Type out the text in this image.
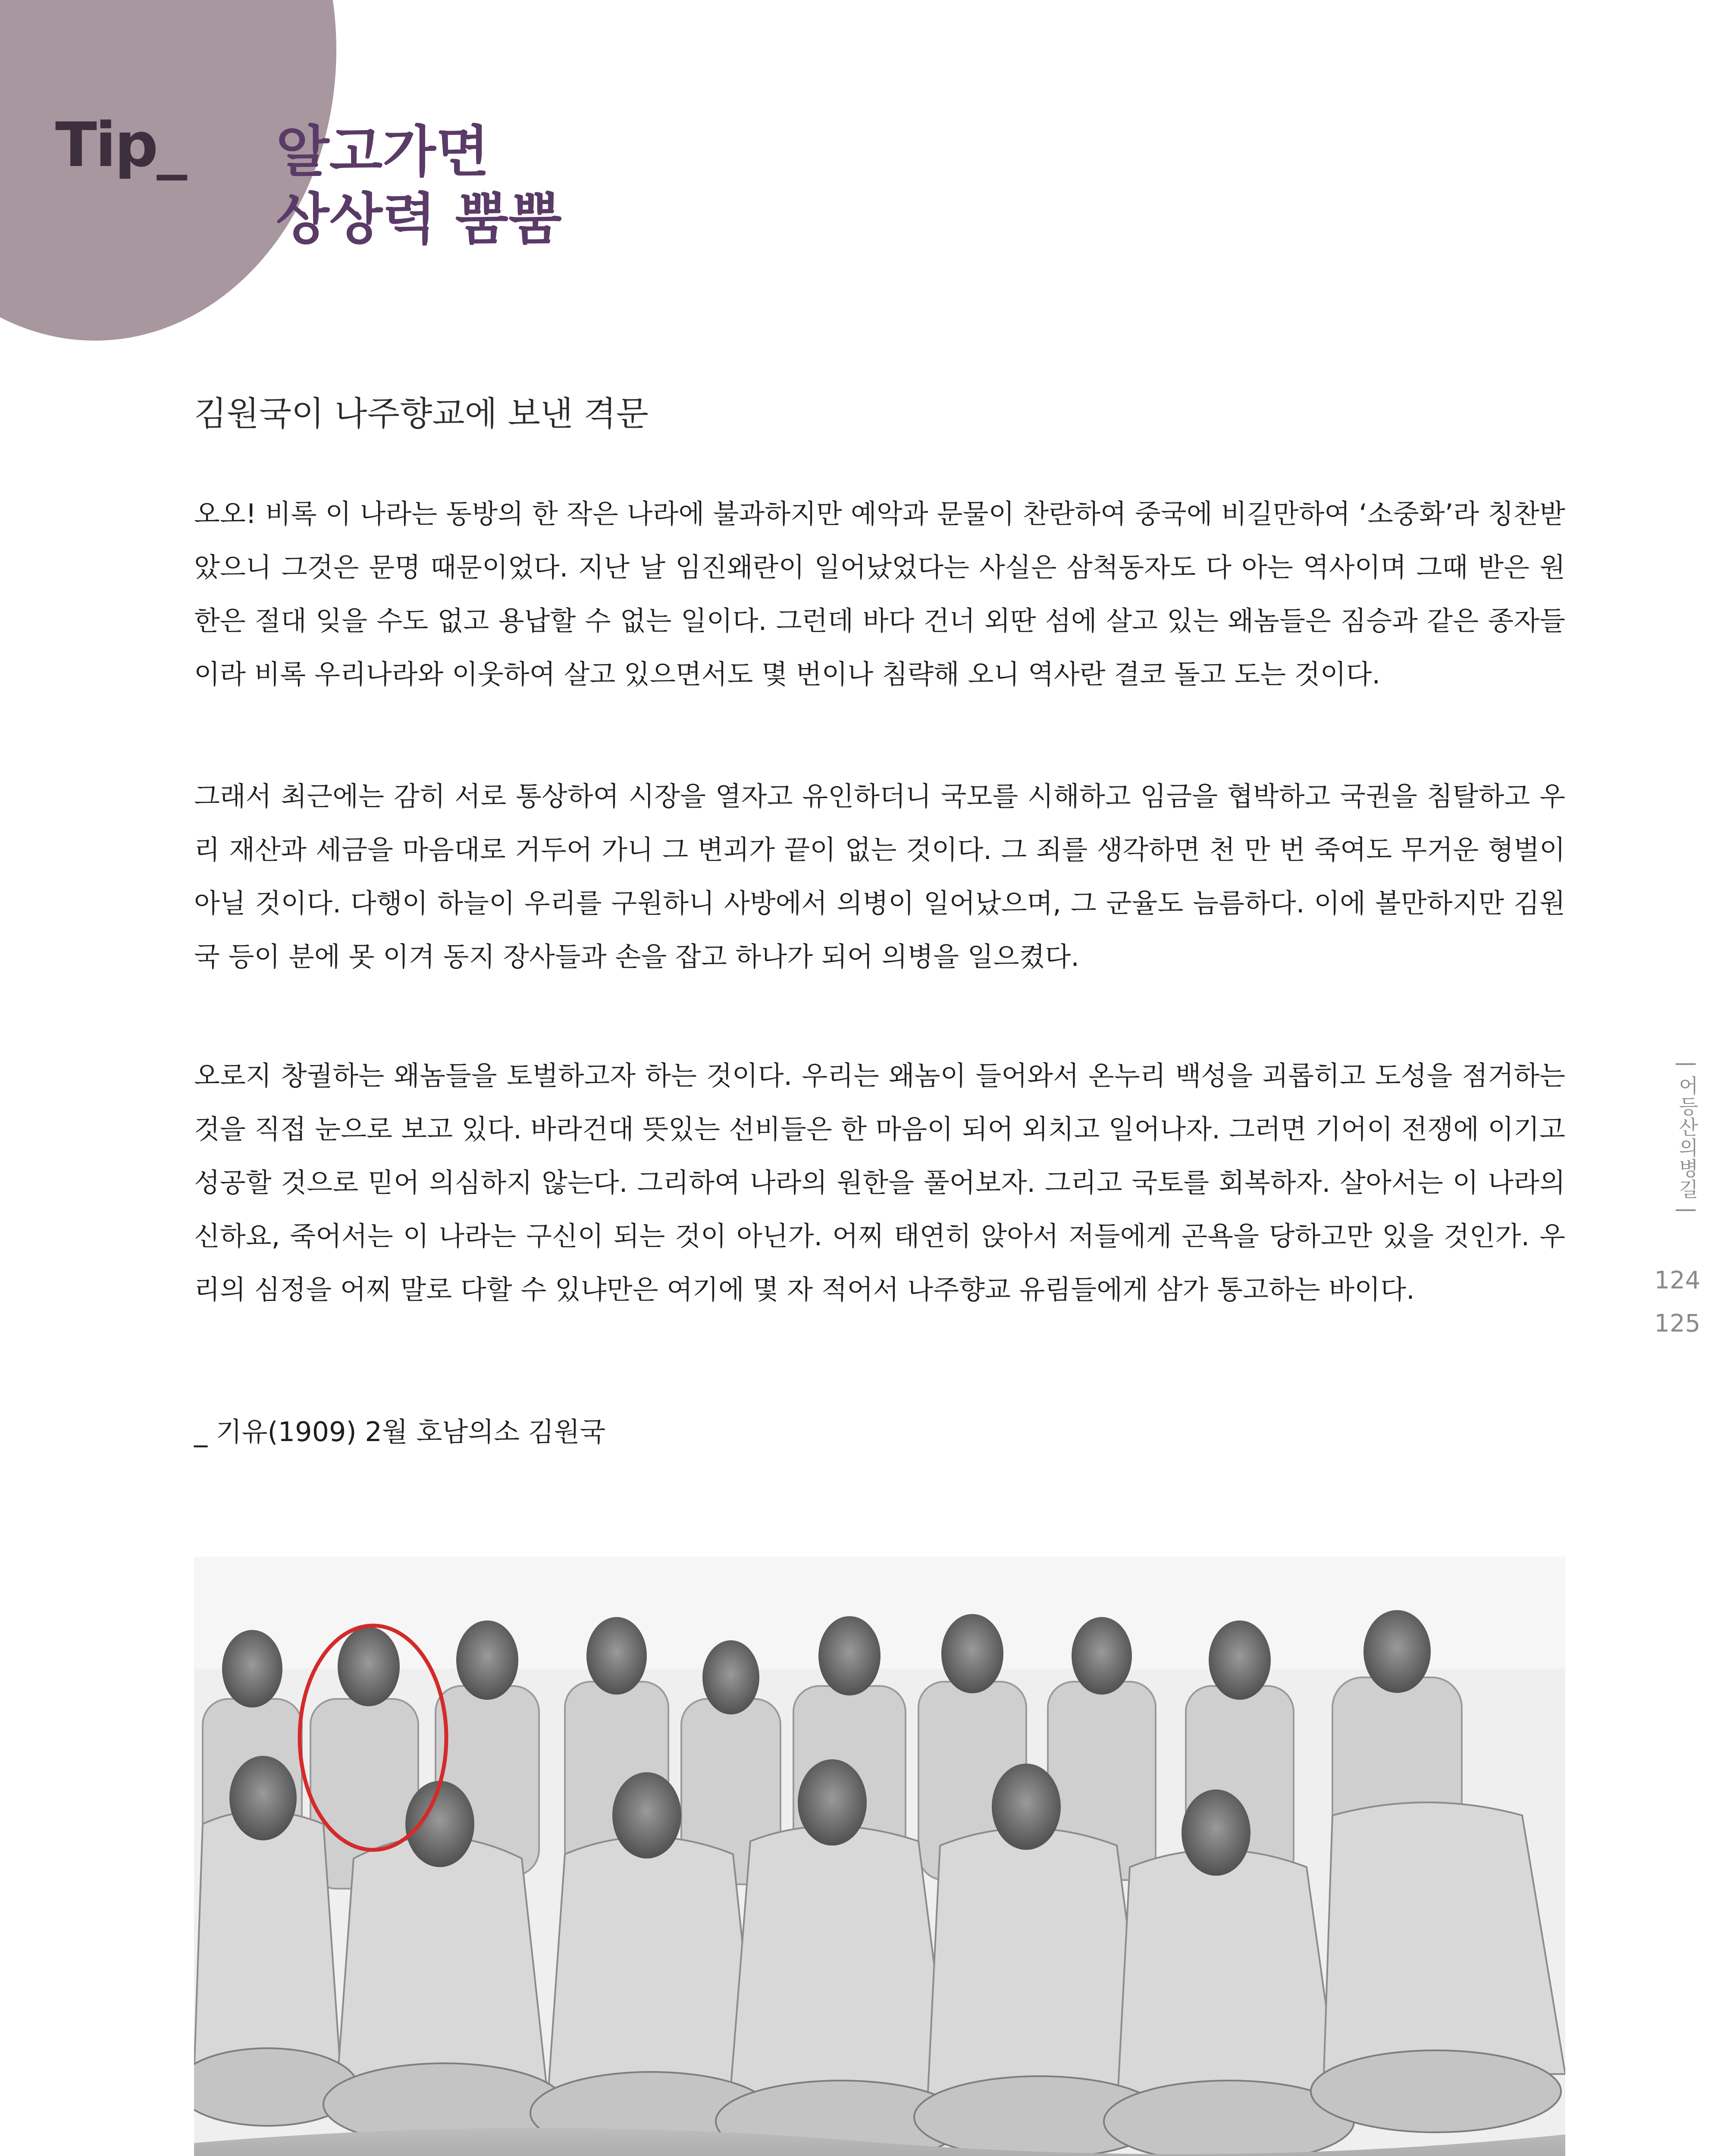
Tip_ 알고가면
상상력 뿜뿜
김원국이 나주향교에 보낸 격문

오오! 비록 이 나라는 동방의 한 작은 나라에 불과하지만 예악과 문물이 찬란하여 중국에 비길만하여 ‘소중화’라 칭찬받았으니 그것은 문명 때문이었다. 지난 날 임진왜란이 일어났었다는 사실은 삼척동자도 다 아는 역사이며 그때 받은 원한은 절대 잊을 수도 없고 용납할 수 없는 일이다. 그런데 바다 건너 외딴 섬에 살고 있는 왜놈들은 짐승과 같은 종자들이라 비록 우리나라와 이웃하여 살고 있으면서도 몇 번이나 침략해 오니 역사란 결코 돌고 도는 것이다.

그래서 최근에는 감히 서로 통상하여 시장을 열자고 유인하더니 국모를 시해하고 임금을 협박하고 국권을 침탈하고 우리 재산과 세금을 마음대로 거두어 가니 그 변괴가 끝이 없는 것이다. 그 죄를 생각하면 천 만 번 죽여도 무거운 형벌이 아닐 것이다. 다행이 하늘이 우리를 구원하니 사방에서 의병이 일어났으며, 그 군율도 늠름하다. 이에 볼만하지만 김원국 등이 분에 못 이겨 동지 장사들과 손을 잡고 하나가 되어 의병을 일으켰다.

오로지 창궐하는 왜놈들을 토벌하고자 하는 것이다. 우리는 왜놈이 들어와서 온누리 백성을 괴롭히고 도성을 점거하는 것을 직접 눈으로 보고 있다. 바라건대 뜻있는 선비들은 한 마음이 되어 외치고 일어나자. 그러면 기어이 전쟁에 이기고 성공할 것으로 믿어 의심하지 않는다. 그리하여 나라의 원한을 풀어보자. 그리고 국토를 회복하자. 살아서는 이 나라의 신하요, 죽어서는 이 나라는 구신이 되는 것이 아닌가. 어찌 태연히 앉아서 저들에게 곤욕을 당하고만 있을 것인가. 우리의 심정을 어찌 말로 다할 수 있냐만은 여기에 몇 자 적어서 나주향교 유림들에게 삼가 통고하는 바이다.

_ 기유(1909) 2월 호남의소 김원국
| 어등산의병길 |
124
125
